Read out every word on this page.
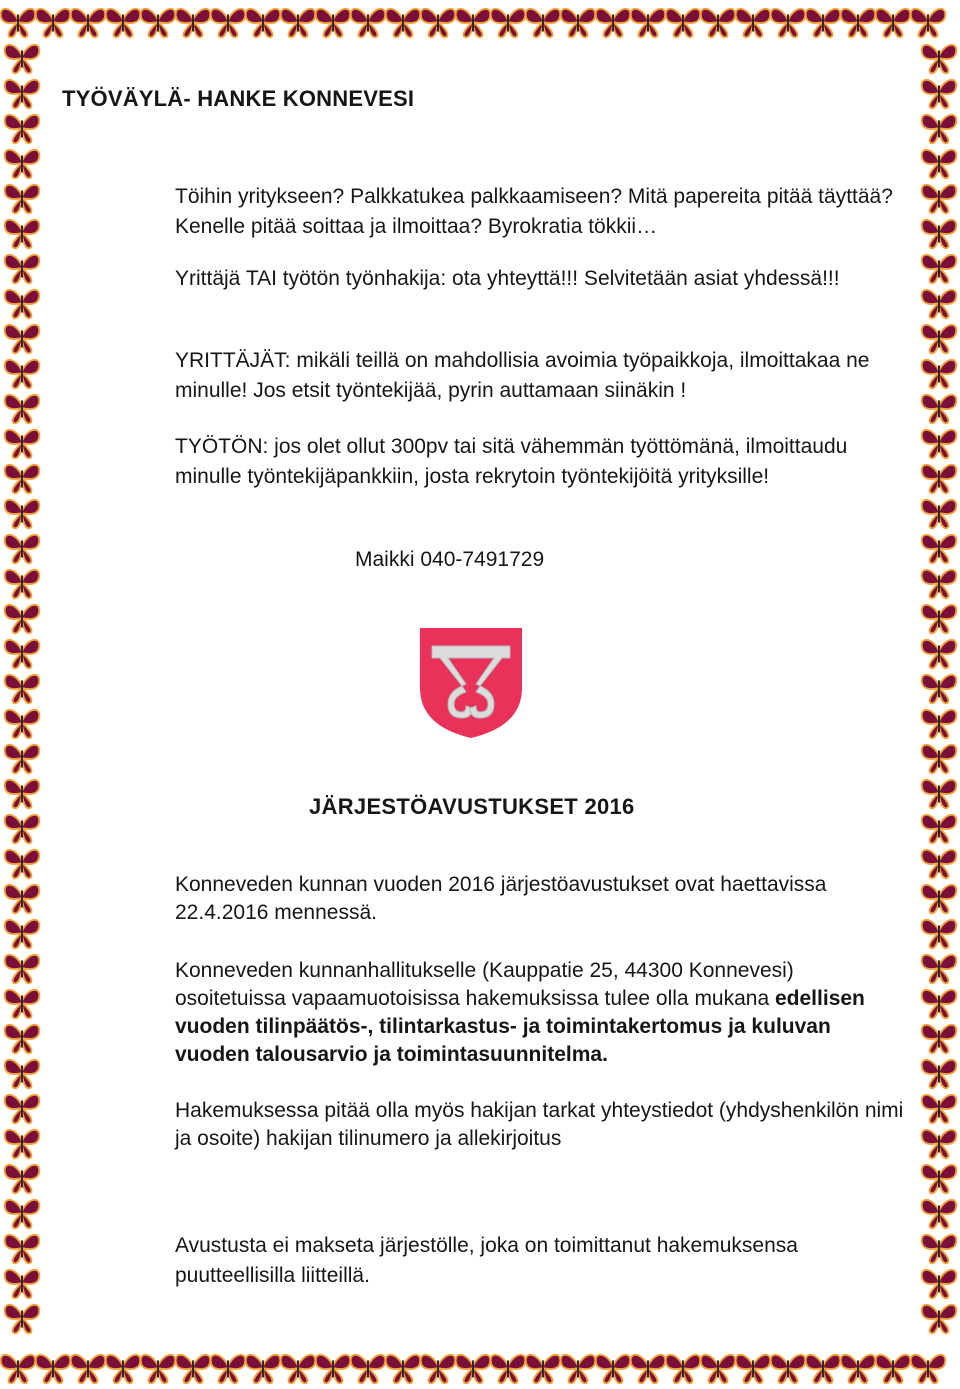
TYÖVÄYLÄ- HANKE KONNEVESI

Töihin yritykseen? Palkkatukea palkkaamiseen? Mitä papereita pitää täyttää? Kenelle pitää soittaa ja ilmoittaa? Byrokratia tökkii…

Yrittäjä TAI työtön työnhakija: ota yhteyttä!!! Selvitetään asiat yhdessä!!!

YRITTÄJÄT: mikäli teillä on mahdollisia avoimia työpaikkoja, ilmoittakaa ne minulle! Jos etsit työntekijää, pyrin auttamaan siinäkin !

TYÖTÖN: jos olet ollut 300pv tai sitä vähemmän työttömänä, ilmoittaudu minulle työntekijäpankkiin, josta rekrytoin työntekijöitä yrityksille!

Maikki 040-7491729

JÄRJESTÖAVUSTUKSET 2016

Konneveden kunnan vuoden 2016 järjestöavustukset ovat haettavissa 22.4.2016 mennessä.

Konneveden kunnanhallitukselle (Kauppatie 25, 44300 Konnevesi) osoitetuissa vapaamuotoisissa hakemuksissa tulee olla mukana edellisen vuoden tilinpäätös-, tilintarkastus- ja toimintakertomus ja kuluvan vuoden talousarvio ja toimintasuunnitelma.

Hakemuksessa pitää olla myös hakijan tarkat yhteystiedot (yhdyshenkilön nimi ja osoite) hakijan tilinumero ja allekirjoitus

Avustusta ei makseta järjestölle, joka on toimittanut hakemuksensa puutteellisilla liitteillä.
